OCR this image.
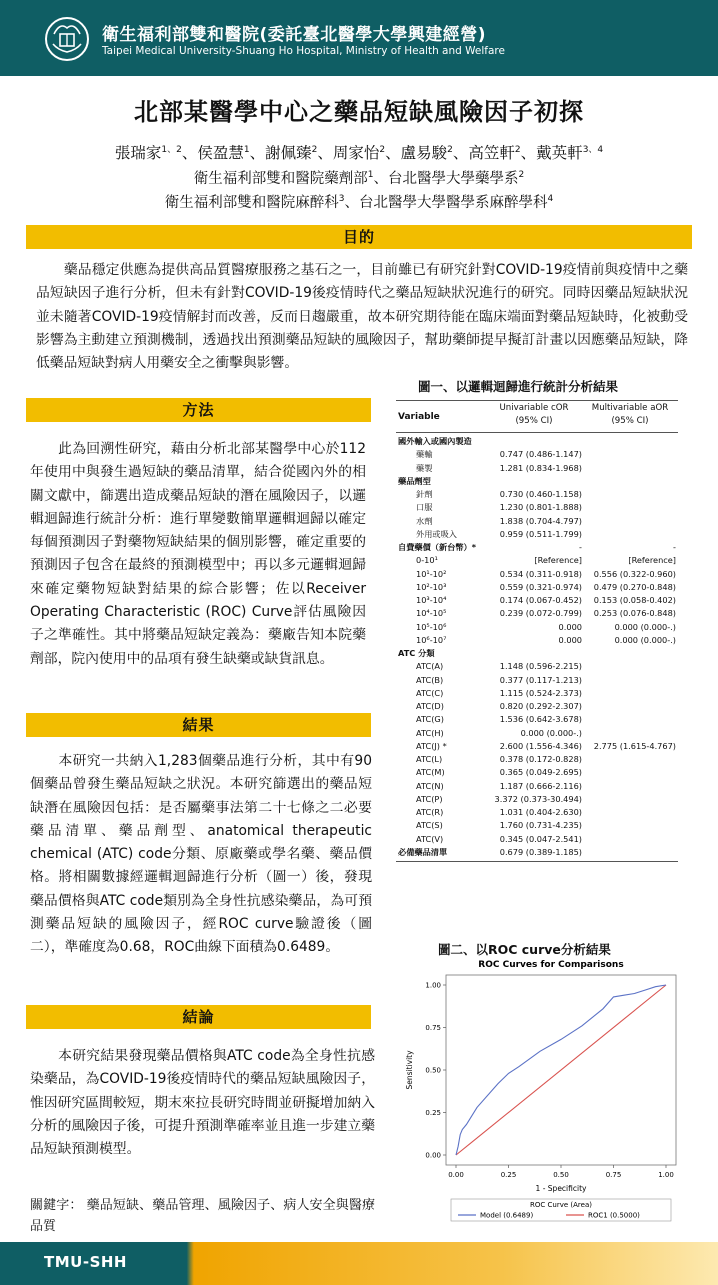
衛生福利部雙和醫院(委託臺北醫學大學興建經營)
Taipei Medical University-Shuang Ho Hospital, Ministry of Health and Welfare
北部某醫學中心之藥品短缺風險因子初探
張瑞家$^{1、2}$、侯盈慧$^1$、謝佩臻$^2$、周家怡$^2$、盧易駿$^2$、高笠軒$^2$、戴英軒$^{3、4}$
衛生福利部雙和醫院藥劑部$^1$、台北醫學大學藥學系$^2$
衛生福利部雙和醫院麻醉科$^3$、台北醫學大學醫學系麻醉學科$^4$
目的
　　藥品穩定供應為提供高品質醫療服務之基石之一，目前雖已有研究針對COVID-19疫情前與疫情中之藥品短缺因子進行分析，但未有針對COVID-19後疫情時代之藥品短缺狀況進行的研究。同時因藥品短缺狀況並未隨著COVID-19疫情解封而改善，反而日趨嚴重，故本研究期待能在臨床端面對藥品短缺時，化被動受影響為主動建立預測機制，透過找出預測藥品短缺的風險因子，幫助藥師提早擬訂計畫以因應藥品短缺，降低藥品短缺對病人用藥安全之衝擊與影響。
方法
　　此為回溯性研究，藉由分析北部某醫學中心於112年使用中與發生過短缺的藥品清單，結合從國內外的相關文獻中，篩選出造成藥品短缺的潛在風險因子，以邏輯迴歸進行統計分析：進行單變數簡單邏輯迴歸以確定每個預測因子對藥物短缺結果的個別影響，確定重要的預測因子包含在最終的預測模型中；再以多元邏輯迴歸來確定藥物短缺對結果的綜合影響；佐以Receiver Operating Characteristic (ROC) Curve評估風險因子之準確性。其中將藥品短缺定義為：藥廠告知本院藥劑部，院內使用中的品項有發生缺藥或缺貨訊息。
結果
　　本研究一共納入1,283個藥品進行分析，其中有90個藥品曾發生藥品短缺之狀況。本研究篩選出的藥品短缺潛在風險因包括：是否屬藥事法第二十七條之二必要藥品清單、藥品劑型、anatomical therapeutic chemical (ATC) code分類、原廠藥或學名藥、藥品價格。將相關數據經邏輯迴歸進行分析（圖一）後，發現藥品價格與ATC code類別為全身性抗感染藥品，為可預測藥品短缺的風險因子，經ROC curve驗證後（圖二），準確度為0.68，ROC曲線下面積為0.6489。
結論
　　本研究結果發現藥品價格與ATC code為全身性抗感染藥品，為COVID-19後疫情時代的藥品短缺風險因子，惟因研究區間較短，期末來拉長研究時間並研擬增加納入分析的風險因子後，可提升預測準確率並且進一步建立藥品短缺預測模型。
關鍵字： 藥品短缺、藥品管理、風險因子、病人安全與醫療品質
圖一、以邏輯迴歸進行統計分析結果
Variable
Univariable cOR
(95% CI)
Multivariable aOR
(95% CI)
國外輸入或國內製造
藥輸	0.747 (0.486-1.147)
藥製	1.281 (0.834-1.968)
藥品劑型
針劑	0.730 (0.460-1.158)
口服	1.230 (0.801-1.888)
水劑	1.838 (0.704-4.797)
外用或吸入	0.959 (0.511-1.799)
自費藥價（新台幣）*	-	-
0-10¹	[Reference]	[Reference]
10¹-10²	0.534 (0.311-0.918)	0.556 (0.322-0.960)
10²-10³	0.559 (0.321-0.974)	0.479 (0.270-0.848)
10³-10⁴	0.174 (0.067-0.452)	0.153 (0.058-0.402)
10⁴-10⁵	0.239 (0.072-0.799)	0.253 (0.076-0.848)
10⁵-10⁶	0.000	0.000 (0.000-.)
10⁶-10⁷	0.000	0.000 (0.000-.)
ATC 分類
ATC(A)	1.148 (0.596-2.215)
ATC(B)	0.377 (0.117-1.213)
ATC(C)	1.115 (0.524-2.373)
ATC(D)	0.820 (0.292-2.307)
ATC(G)	1.536 (0.642-3.678)
ATC(H)	0.000 (0.000-.)
ATC(J) *	2.600 (1.556-4.346)	2.775 (1.615-4.767)
ATC(L)	0.378 (0.172-0.828)
ATC(M)	0.365 (0.049-2.695)
ATC(N)	1.187 (0.666-2.116)
ATC(P)	3.372 (0.373-30.494)
ATC(R)	1.031 (0.404-2.630)
ATC(S)	1.760 (0.731-4.235)
ATC(V)	0.345 (0.047-2.541)
必備藥品清單	0.679 (0.389-1.185)
圖二、以ROC curve分析結果
ROC Curves for Comparisons
0.00
0.00
0.25
0.25
0.50
0.50
0.75
0.75
1.00
1.00
1 - Specificity
Sensitivity
ROC Curve (Area)
Model (0.6489)	ROC1 (0.5000)
TMU-SHH
